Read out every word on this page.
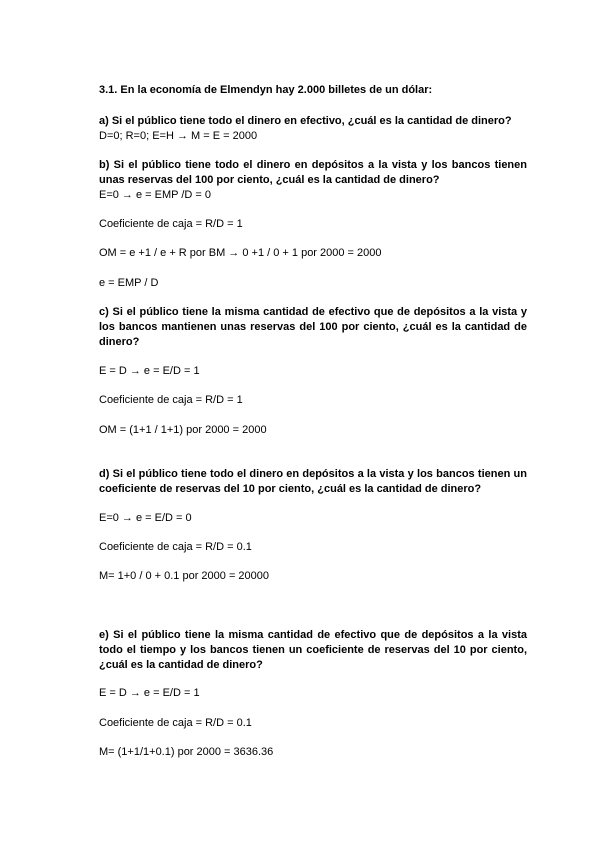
3.1. En la economía de Elmendyn hay 2.000 billetes de un dólar:
a) Si el público tiene todo el dinero en efectivo, ¿cuál es la cantidad de dinero?
D=0; R=0; E=H → M = E = 2000
b) Si el público tiene todo el dinero en depósitos a la vista y los bancos tienen
unas reservas del 100 por ciento, ¿cuál es la cantidad de dinero?
E=0 → e = EMP /D = 0
Coeficiente de caja = R/D = 1
OM = e +1 / e + R por BM → 0 +1 / 0 + 1 por 2000 = 2000
e = EMP / D
c) Si el público tiene la misma cantidad de efectivo que de depósitos a la vista y
los bancos mantienen unas reservas del 100 por ciento, ¿cuál es la cantidad de
dinero?
E = D → e = E/D = 1
Coeficiente de caja = R/D = 1
OM = (1+1 / 1+1) por 2000 = 2000
d) Si el público tiene todo el dinero en depósitos a la vista y los bancos tienen un
coeficiente de reservas del 10 por ciento, ¿cuál es la cantidad de dinero?
E=0 → e = E/D = 0
Coeficiente de caja = R/D = 0.1
M= 1+0 / 0 + 0.1 por 2000 = 20000
e) Si el público tiene la misma cantidad de efectivo que de depósitos a la vista
todo el tiempo y los bancos tienen un coeficiente de reservas del 10 por ciento,
¿cuál es la cantidad de dinero?
E = D → e = E/D = 1
Coeficiente de caja = R/D = 0.1
M= (1+1/1+0.1) por 2000 = 3636.36
